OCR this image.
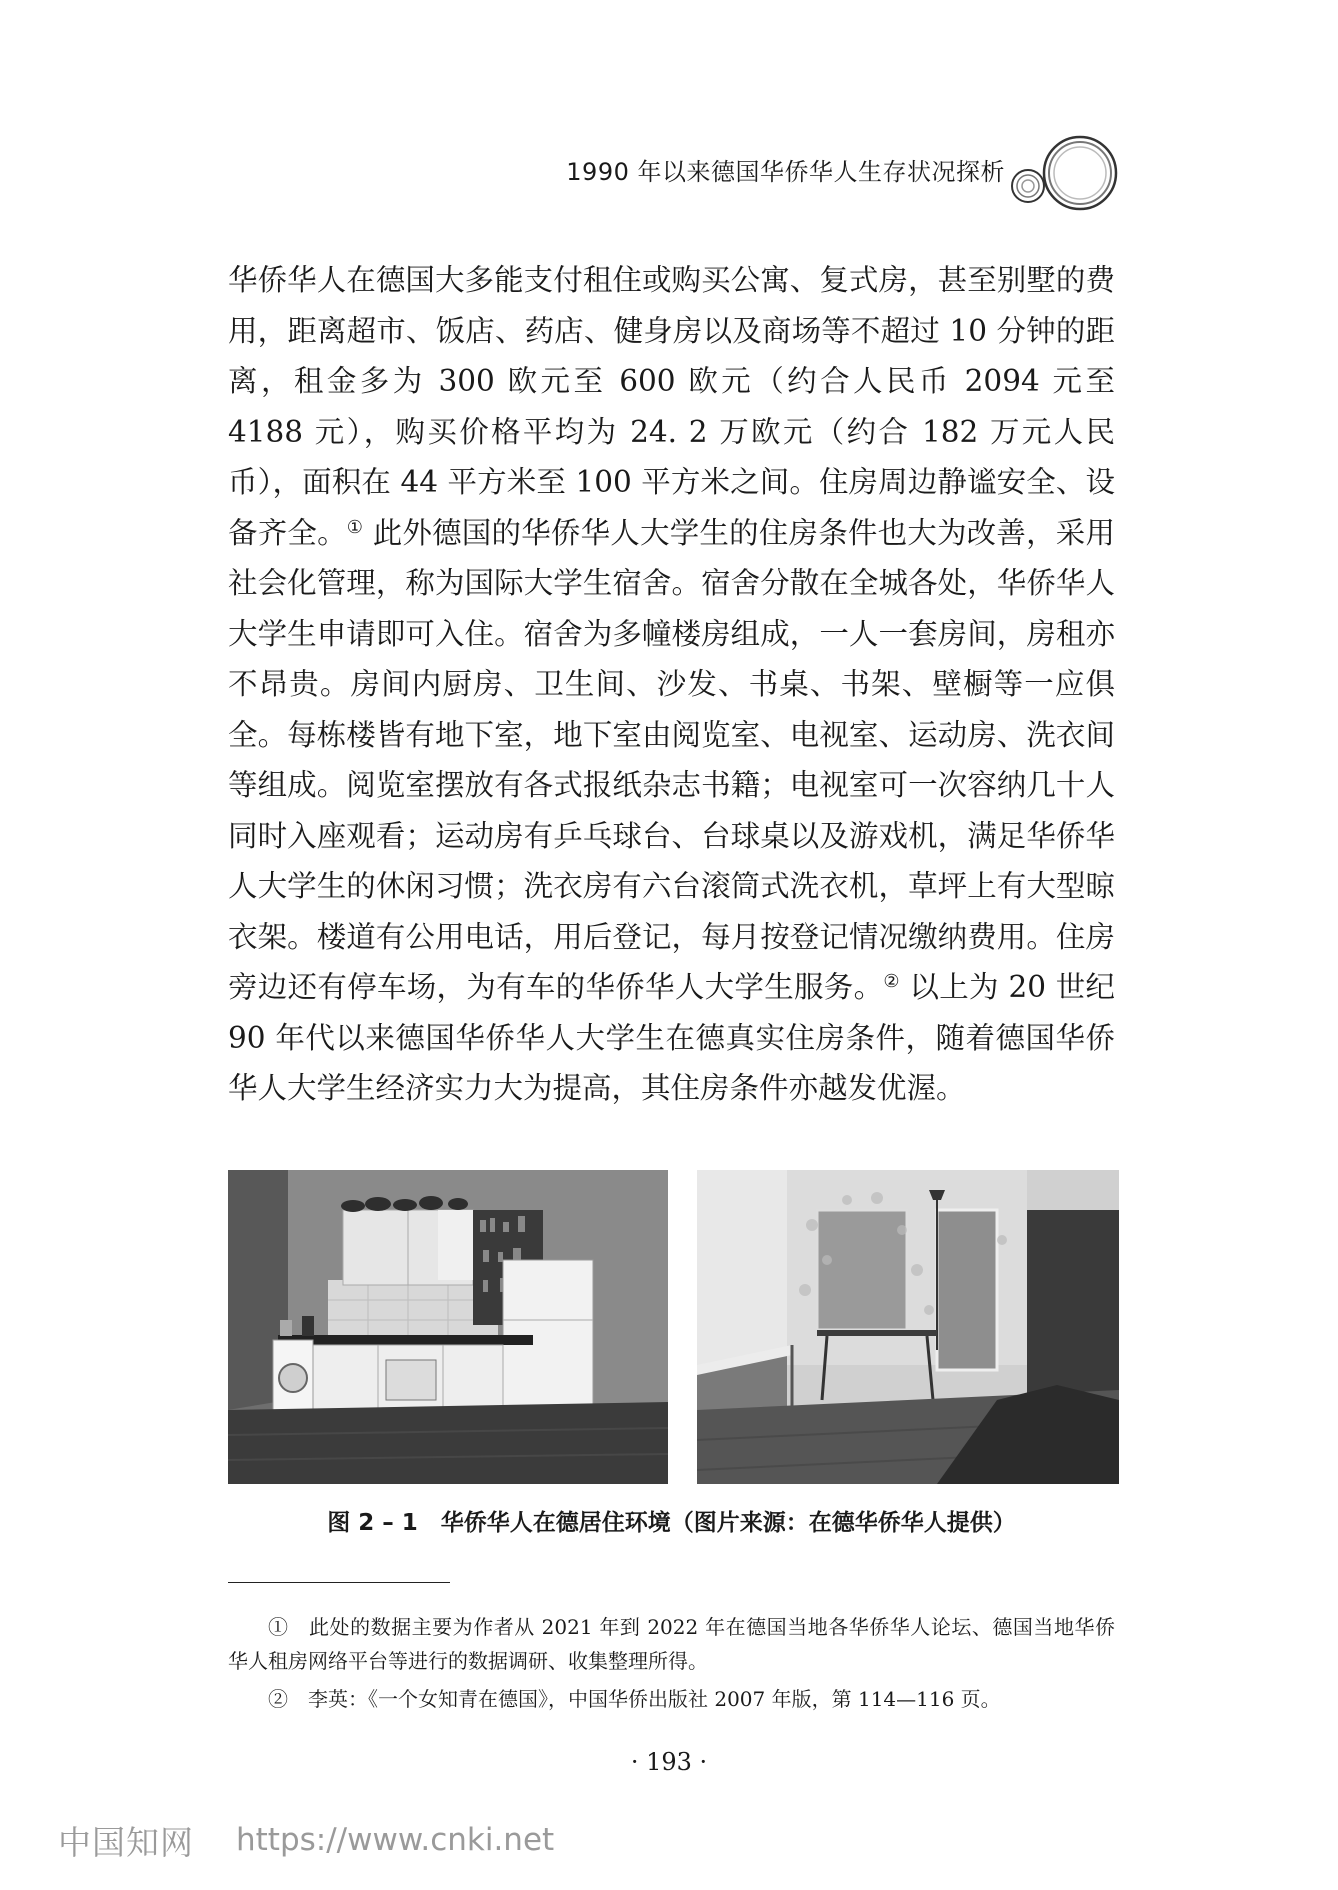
1990 年以来德国华侨华人生存状况探析
华侨华人在德国大多能支付租住或购买公寓、复式房，甚至别墅的费用，距离超市、饭店、药店、健身房以及商场等不超过 10 分钟的距离，租金多为 300 欧元至 600 欧元（约合人民币 2094 元至 4188 元），购买价格平均为 24. 2 万欧元（约合 182 万元人民币），面积在 44 平方米至 100 平方米之间。住房周边静谧安全、设备齐全。① 此外德国的华侨华人大学生的住房条件也大为改善，采用社会化管理，称为国际大学生宿舍。宿舍分散在全城各处，华侨华人大学生申请即可入住。宿舍为多幢楼房组成，一人一套房间，房租亦不昂贵。房间内厨房、卫生间、沙发、书桌、书架、壁橱等一应俱全。每栋楼皆有地下室，地下室由阅览室、电视室、运动房、洗衣间等组成。阅览室摆放有各式报纸杂志书籍；电视室可一次容纳几十人同时入座观看；运动房有乒乓球台、台球桌以及游戏机，满足华侨华人大学生的休闲习惯；洗衣房有六台滚筒式洗衣机，草坪上有大型晾衣架。楼道有公用电话，用后登记，每月按登记情况缴纳费用。住房旁边还有停车场，为有车的华侨华人大学生服务。② 以上为 20 世纪 90 年代以来德国华侨华人大学生在德真实住房条件，随着德国华侨华人大学生经济实力大为提高，其住房条件亦越发优渥。
图 2 – 1　华侨华人在德居住环境（图片来源：在德华侨华人提供）

①　此处的数据主要为作者从 2021 年到 2022 年在德国当地各华侨华人论坛、德国当地华侨华人租房网络平台等进行的数据调研、收集整理所得。

②　李英：《一个女知青在德国》，中国华侨出版社 2007 年版，第 114—116 页。

· 193 ·
中国知网 https://www.cnki.net
